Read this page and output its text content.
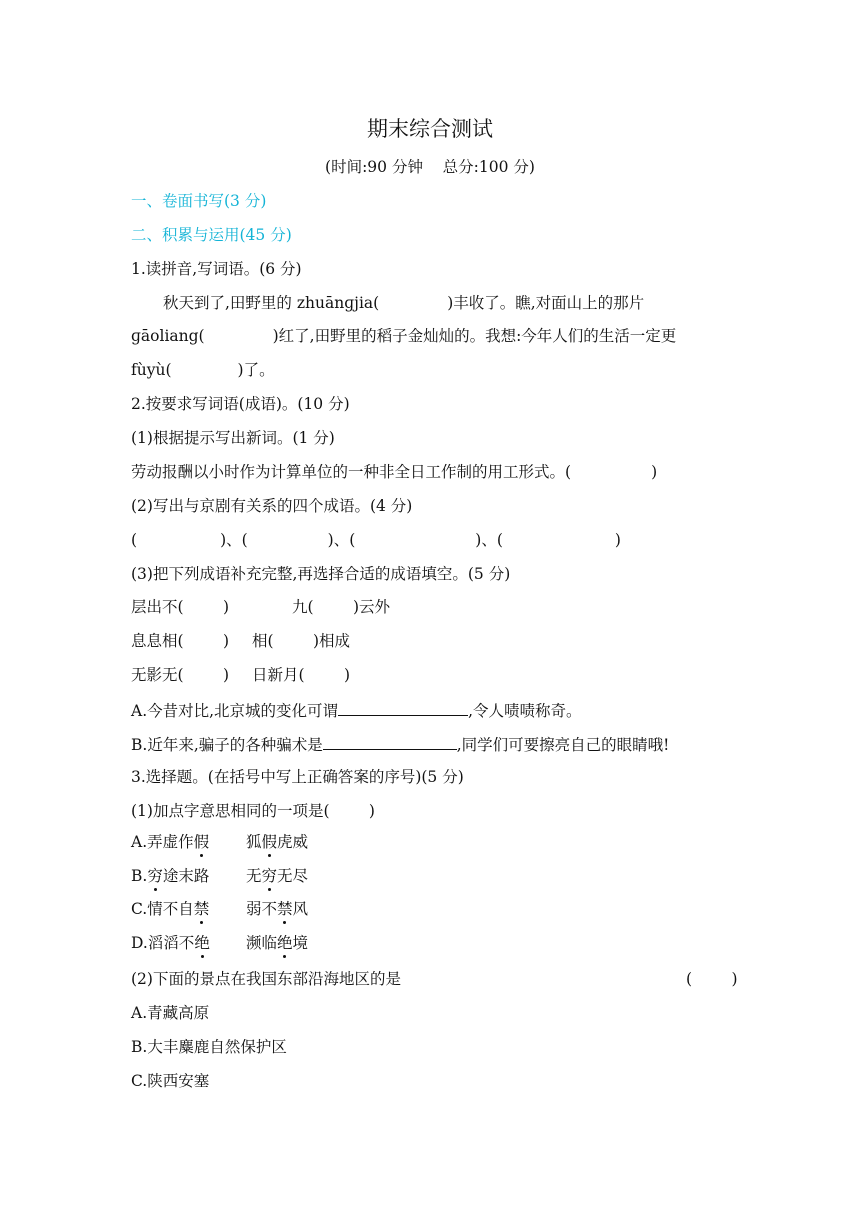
期末综合测试
(时间:90 分钟    总分:100 分)
一、卷面书写(3 分)
二、积累与运用(45 分)
1.读拼音,写词语。(6 分)
秋天到了,田野里的 zhuānɡjia(	)丰收了。瞧,对面山上的那片
ɡāoliang(	)红了,田野里的稻子金灿灿的。我想:今年人们的生活一定更
fùyù(	)了。
2.按要求写词语(成语)。(10 分)
(1)根据提示写出新词。(1 分)
劳动报酬以小时作为计算单位的一种非全日工作制的用工形式。(	)
(2)写出与京剧有关系的四个成语。(4 分)
(	)、(	)、(	)、(	)
(3)把下列成语补充完整,再选择合适的成语填空。(5 分)
层出不(        )	九(        )云外
息息相(        ) 相(        )相成
无影无(        ) 日新月(        )
A.今昔对比,北京城的变化可谓	,令人啧啧称奇。
B.近年来,骗子的各种骗术是	,同学们可要擦亮自己的眼睛哦!
3.选择题。(在括号中写上正确答案的序号)(5 分)
(1)加点字意思相同的一项是(        )
A.弄虚作假 狐假虎威
B.穷途末路 无穷无尽
C.情不自禁 弱不禁风
D.滔滔不绝 濒临绝境
(2)下面的景点在我国东部沿海地区的是	(        )
A.青藏高原
B.大丰麋鹿自然保护区
C.陕西安塞
